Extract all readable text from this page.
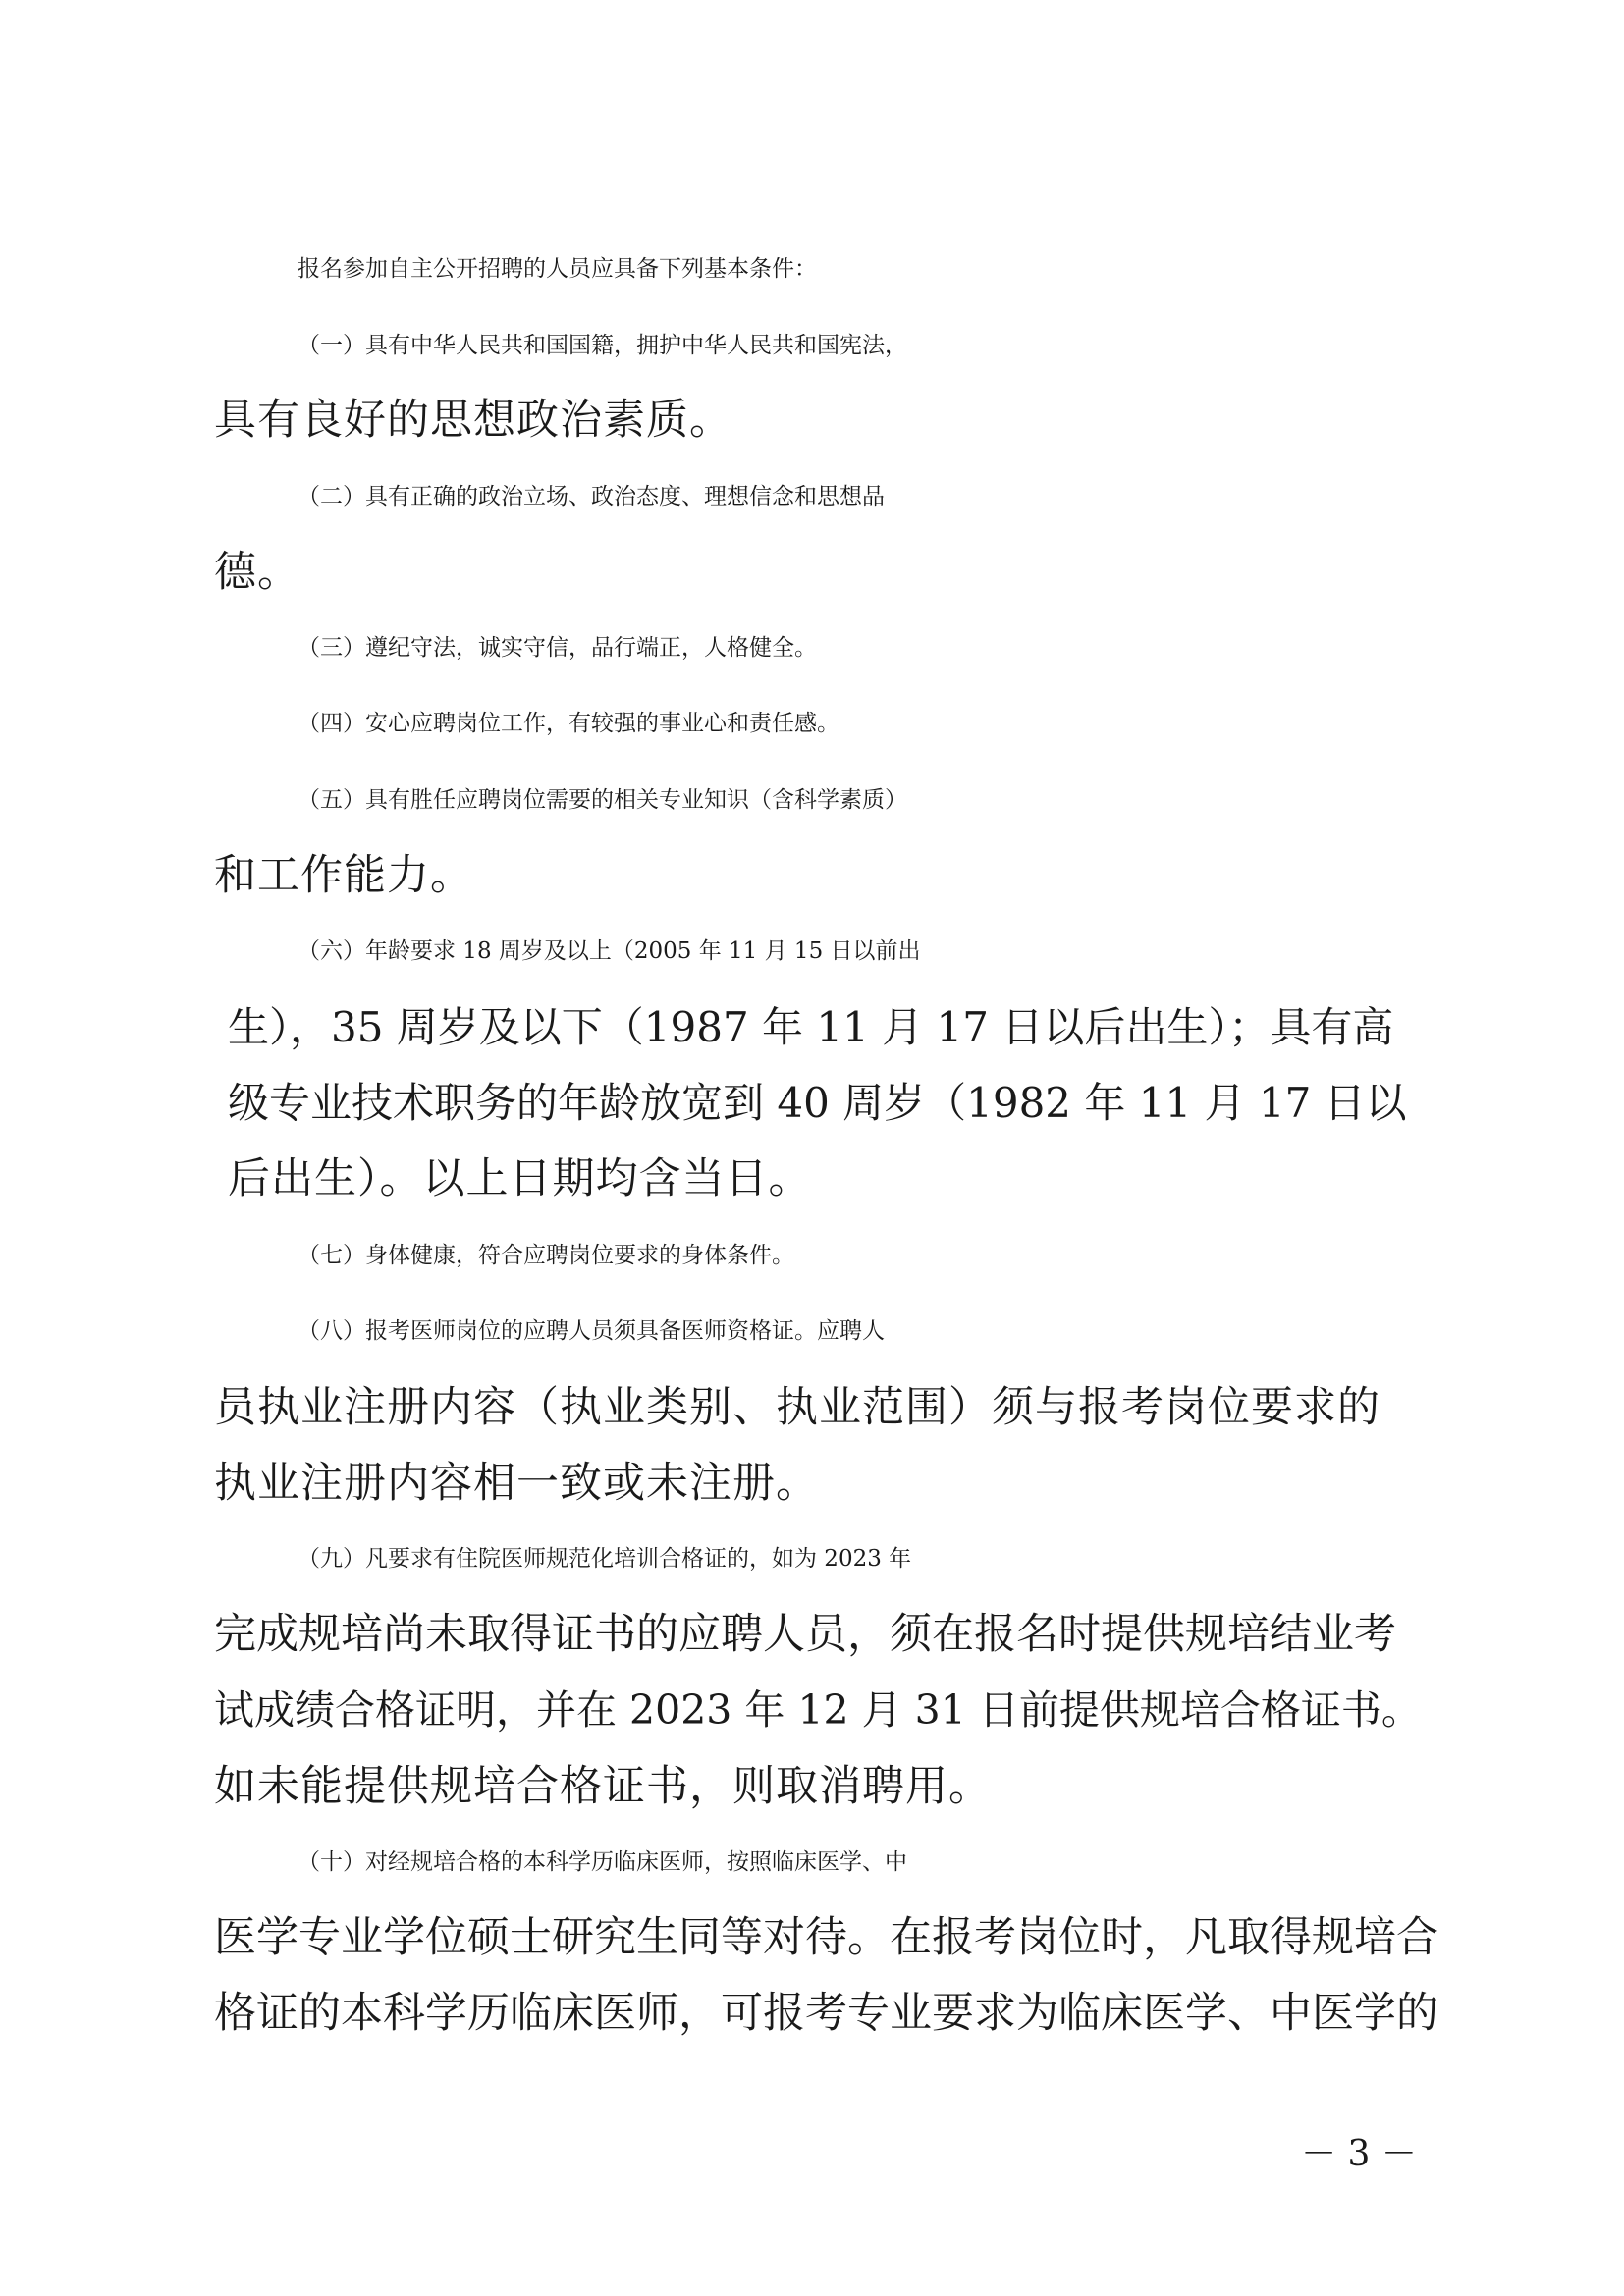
报名参加自主公开招聘的人员应具备下列基本条件：
（一）具有中华人民共和国国籍，拥护中华人民共和国宪法，
具有良好的思想政治素质。
（二）具有正确的政治立场、政治态度、理想信念和思想品
德。
（三）遵纪守法，诚实守信，品行端正，人格健全。
（四）安心应聘岗位工作，有较强的事业心和责任感。
（五）具有胜任应聘岗位需要的相关专业知识（含科学素质）
和工作能力。
（六）年龄要求 18 周岁及以上（2005 年 11 月 15 日以前出
生），35 周岁及以下（1987 年 11 月 17 日以后出生）；具有高
级专业技术职务的年龄放宽到 40 周岁（1982 年 11 月 17 日以
后出生）。以上日期均含当日。
（七）身体健康，符合应聘岗位要求的身体条件。
（八）报考医师岗位的应聘人员须具备医师资格证。应聘人
员执业注册内容（执业类别、执业范围）须与报考岗位要求的
执业注册内容相一致或未注册。
（九）凡要求有住院医师规范化培训合格证的，如为 2023 年
完成规培尚未取得证书的应聘人员，须在报名时提供规培结业考
试成绩合格证明，并在 2023 年 12 月 31 日前提供规培合格证书。
如未能提供规培合格证书，则取消聘用。
（十）对经规培合格的本科学历临床医师，按照临床医学、中
医学专业学位硕士研究生同等对待。在报考岗位时，凡取得规培合
格证的本科学历临床医师，可报考专业要求为临床医学、中医学的
－ 3 －
